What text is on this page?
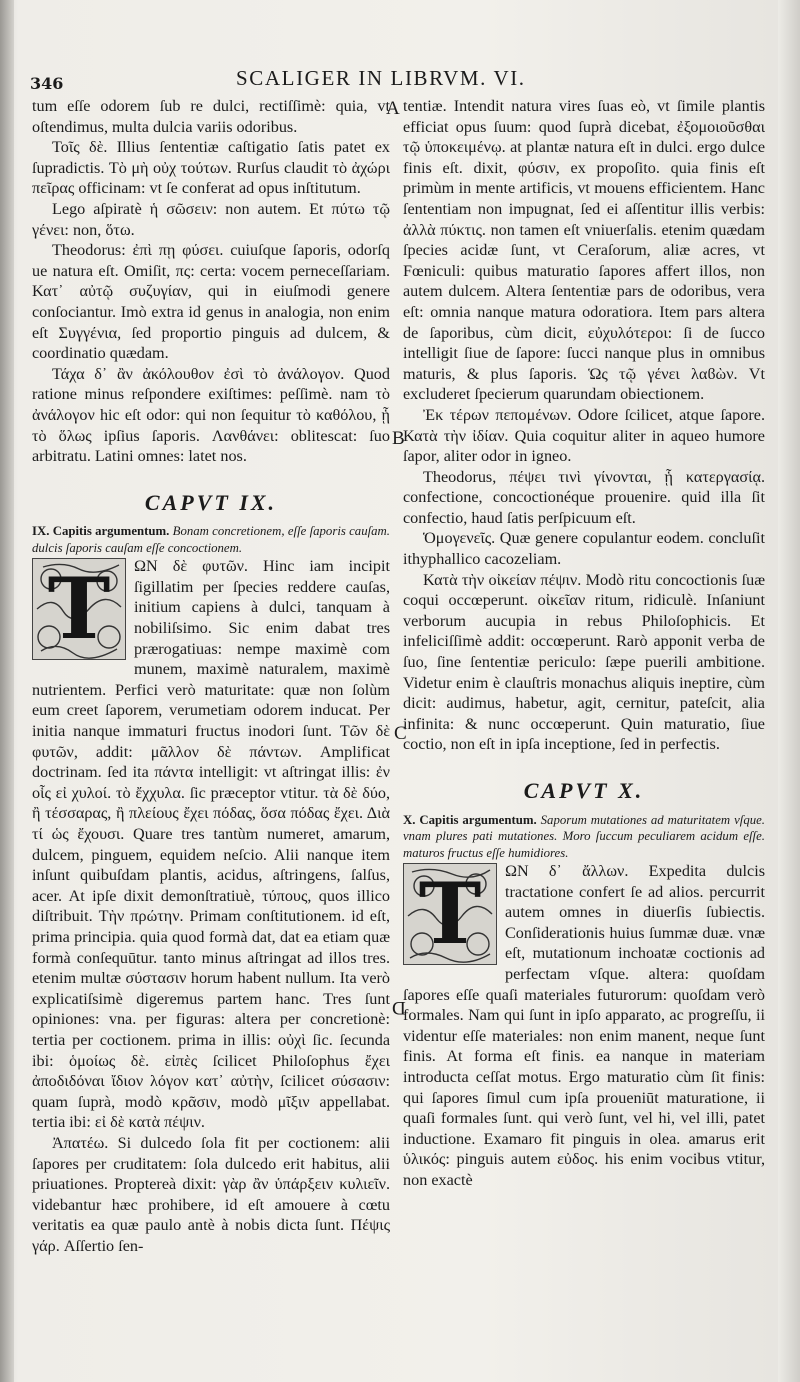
346	SCALIGER IN LIBRVM. VI.
A
B
C
D

tum eſſe odorem ſub re dulci, rectiſſimè: quia, vt oſtendimus, multa dulcia variis odoribus.

Τοῖς δὲ. Illius ſententiæ caſtigatio ſatis patet ex ſupradictis. Τὸ μὴ οὐχ τούτων. Rurſus claudit τὸ ἀχώρι πεῖρας officinam: vt ſe conferat ad opus inſtitutum.

Lego aſpiratè ἡ σῶσειν: non autem. Et πύτω τῷ γένει: non, ὅτω.

Theodorus: ἐπὶ πῃ φύσει. cuiuſque ſaporis, odorſq ue natura eſt. Omiſit, πς: certa: vocem perneceſſariam. Κατ᾽ αὐτῷ συζυγίαν, qui in eiuſmodi genere conſociantur. Imò extra id genus in analogia, non enim eſt Συγγένια, ſed proportio pinguis ad dulcem, & coordinatio quædam.

Τάχα δ᾽ ἂν ἀκόλουθον ἐσὶ τὸ ἀνάλογον. Quod ratione minus reſpondere exiſtimes: peſſimè. nam τὸ ἀνάλογον hic eſt odor: qui non ſequitur τὸ καθόλου, ᾗ τὸ ὅλως ipſius ſaporis. Λανθάνει: oblitescat: ſuo arbitratu. Latini omnes: latet nos.

CAPVT IX.

IX. Capitis argumentum. Bonam concretionem, eſſe ſaporis cauſam. dulcis ſaporis cauſam eſſe concoctionem.

T	ΩΝ δὲ φυτῶν. Hinc iam incipit ſigillatim per ſpecies reddere cauſas, initium capiens à dulci, tanquam à nobiliſsimo. Sic enim dabat tres prærogatiuas: nempe maximè com munem, maximè naturalem, maximè nutrientem. Perfici verò maturitate: quæ non ſolùm eum creet ſaporem, verumetiam odorem inducat. Per initia nanque immaturi fructus inodori ſunt. Τῶν δὲ φυτῶν, addit: μᾶλλον δὲ πάντων. Amplificat doctrinam. ſed ita πάντα intelligit: vt aſtringat illis: ἐν οἷς εἰ χυλοί. τὸ ἔχχυλα. ſic præceptor vtitur. τὰ δὲ δύο, ἢ τέσσαρας, ἢ πλείους ἔχει πόδας, ὅσα πόδας ἔχει. Διὰ τί ὡς ἔχουσι. Quare tres tantùm numeret, amarum, dulcem, pinguem, equidem neſcio. Alii nanque item inſunt quibuſdam plantis, acidus, aſtringens, ſalſus, acer. At ipſe dixit demonſtratiuè, τύπους, quos illico diſtribuit. Τὴν πρώτην. Primam conſtitutionem. id eſt, prima principia. quia quod formà dat, dat ea etiam quæ formà conſequūtur. tanto minus aſtringat ad illos tres. etenim multæ σύστασιν horum habent nullum. Ita verò explicatiſsimè digeremus partem hanc. Tres ſunt opiniones: vna. per figuras: altera per concretionè: tertia per coctionem. prima in illis: οὐχὶ ſic. ſecunda ibi: ὁμοίως δὲ. εἰπὲς ſcilicet Philoſophus ἔχει ἀποδιδόναι ἴδιον λόγον κατ᾽ αὐτὴν, ſcilicet σύσασιν: quam ſuprà, modò κρᾶσιν, modò μῖξιν appellabat. tertia ibi: εἰ δὲ κατὰ πέψιν.

Ἀπατέω. Si dulcedo ſola fit per coctionem: alii ſapores per cruditatem: ſola dulcedo erit habitus, alii priuationes. Proptereà dixit: γὰρ ἂν ὑπάρξειν κυλιεῖν. videbantur hæc prohibere, id eſt amouere à cœtu veritatis ea quæ paulo antè à nobis dicta ſunt. Πέψις γάρ. Aſſertio ſen-

tentiæ. Intendit natura vires ſuas eò, vt ſimile plantis efficiat opus ſuum: quod ſuprà dicebat, ἐξομοιοῦσθαι τῷ ὑποκειμένῳ. at plantæ natura eſt in dulci. ergo dulce finis eſt. dixit, φύσιν, ex propoſito. quia finis eſt primùm in mente artificis, vt mouens efficientem. Hanc ſententiam non impugnat, ſed ei aſſentitur illis verbis: ἀλλὰ πύκτις. non tamen eſt vniuerſalis. etenim quædam ſpecies acidæ ſunt, vt Ceraſorum, aliæ acres, vt Fœniculi: quibus maturatio ſapores affert illos, non autem dulcem. Altera ſententiæ pars de odoribus, vera eſt: omnia nanque matura odoratiora. Item pars altera de ſaporibus, cùm dicit, εὐχυλότεροι: ſi de ſucco intelligit ſiue de ſapore: ſucci nanque plus in omnibus maturis, & plus ſaporis. Ὡς τῷ γένει λαϐὼν. Vt excluderet ſpecierum quarundam obiectionem.

Ἐκ τέρων πεπομένων. Odore ſcilicet, atque ſapore. Κατὰ τὴν ἰδίαν. Quia coquitur aliter in aqueo humore ſapor, aliter odor in igneo.

Theodorus, πέψει τινὶ γίνονται, ᾗ κατεργασίᾳ. confectione, concoctionéque prouenire. quid illa ſit confectio, haud ſatis perſpicuum eſt.

Ὁμογενεῖς. Quæ genere copulantur eodem. concluſit ithyphallico cacozeliam.

Κατὰ τὴν οἰκείαν πέψιν. Modò ritu concoctionis ſuæ coqui occœperunt. οἰκεῖαν ritum, ridiculè. Inſaniunt verborum aucupia in rebus Philoſophicis. Et infeliciſſimè addit: occœperunt. Rarò apponit verba de ſuo, ſine ſententiæ periculo: ſæpe puerili ambitione. Videtur enim è clauſtris monachus aliquis ineptire, cùm dicit: audimus, habetur, agit, cernitur, pateſcit, alia infinita: & nunc occœperunt. Quin maturatio, ſiue coctio, non eſt in ipſa inceptione, ſed in perfectis.

CAPVT X.

X. Capitis argumentum. Saporum mutationes ad maturitatem vſque. vnam plures pati mutationes. Moro ſuccum peculiarem acidum eſſe. maturos fructus eſſe humidiores.

T	ΩΝ δ᾽ ἄλλων. Expedita dulcis tractatione confert ſe ad alios. percurrit autem omnes in diuerſis ſubiectis. Conſiderationis huius ſummæ duæ. vnæ eſt, mutationum inchoatæ coctionis ad perfectam vſque. altera: quoſdam ſapores eſſe quaſi materiales futurorum: quoſdam verò formales. Nam qui ſunt in ipſo apparato, ac progreſſu, ii videntur eſſe materiales: non enim manent, neque ſunt finis. At forma eſt finis. ea nanque in materiam introducta ceſſat motus. Ergo maturatio cùm ſit finis: qui ſapores ſimul cum ipſa proueniūt maturatione, ii quaſi formales ſunt. qui verò ſunt, vel hi, vel illi, patet inductione. Examaro fit pinguis in olea. amarus erit ὑλικός: pinguis autem εὐδος. his enim vocibus vtitur, non exactè
